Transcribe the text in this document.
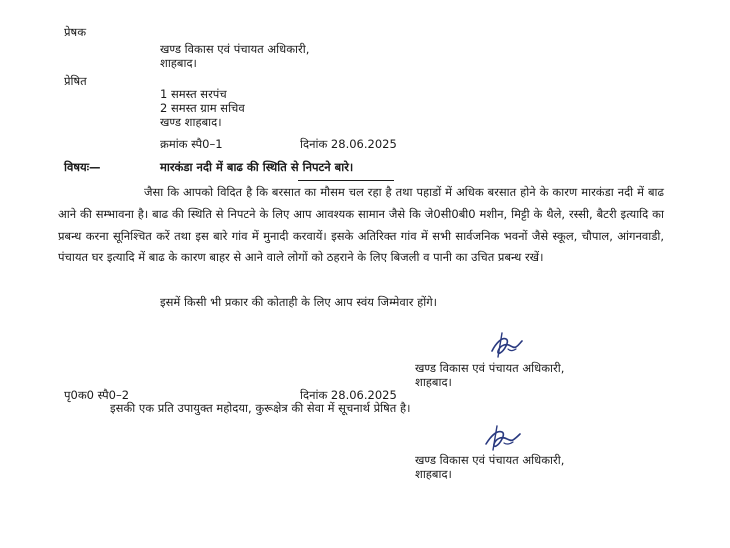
प्रेषक
खण्ड विकास एवं पंचायत अधिकारी,
शाहबाद।
प्रेषित
1 समस्त सरपंच
2 समस्त ग्राम सचिव
खण्ड शाहबाद।
क्रमांक स्पै0–1	दिनांक 28.06.2025
विषयः—	मारकंडा नदी में बाढ की स्थिति से निपटने बारे।
जैसा कि आपको विदित है कि बरसात का मौसम चल रहा है तथा पहाडों में अधिक बरसात होने के कारण मारकंडा नदी में बाढ आने की सम्भावना है। बाढ की स्थिति से निपटने के लिए आप आवश्यक सामान जैसे कि जे0सी0बी0 मशीन, मिट्टी के थैले, रस्सी, बैटरी इत्यादि का प्रबन्ध करना सूनिश्चित करें तथा इस बारे गांव में मुनादी करवायें। इसके अतिरिक्त गांव में सभी सार्वजनिक भवनों जैसे स्कूल, चौपाल, आंगनवाडी, पंचायत घर इत्यादि में बाढ के कारण बाहर से आने वाले लोगों को ठहराने के लिए बिजली व पानी का उचित प्रबन्ध रखें।
इसमें किसी भी प्रकार की कोताही के लिए आप स्वंय जिम्मेवार होंगे।
खण्ड विकास एवं पंचायत अधिकारी,
शाहबाद।
पृ0क0 स्पै0–2	दिनांक 28.06.2025
इसकी एक प्रति उपायुक्त महोदया, कुरूक्षेत्र की सेवा में सूचनार्थ प्रेषित है।
खण्ड विकास एवं पंचायत अधिकारी,
शाहबाद।
